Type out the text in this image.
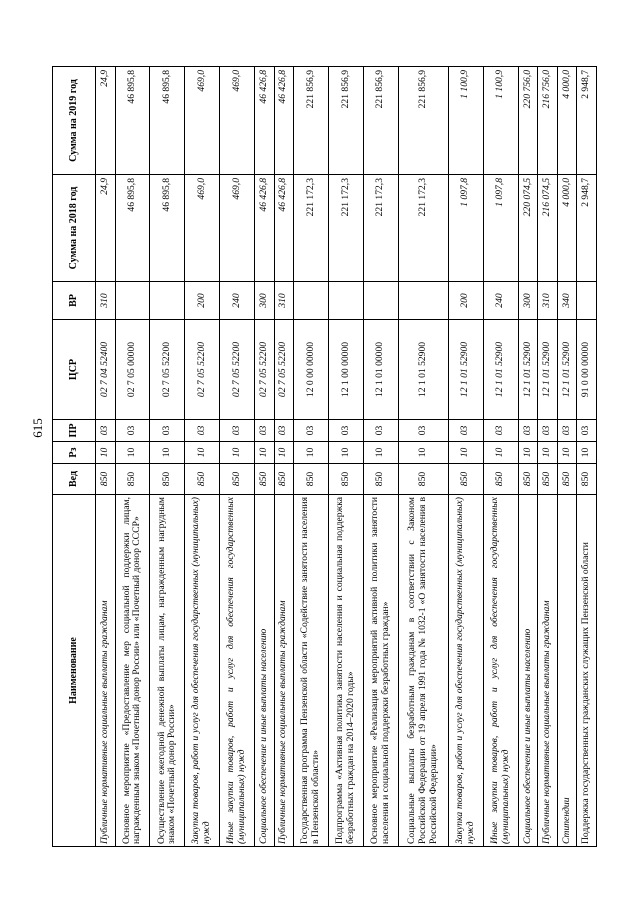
615
Наименование	Вед	Рз	ПР	ЦСР	ВР	Сумма на 2018 год	Сумма на 2019 год
Публичные нормативные социальные выплаты гражданам	850	10	03	02 7 04 52400	310	24,9	24,9
Основное мероприятие «Предоставление мер социальной поддержки лицам, награжденным знаком «Почетный донор России» или «Почетный донор СССР»	850	10	03	02 7 05 00000		46 895,8	46 895,8
Осуществление ежегодной денежной выплаты лицам, награжденным нагрудным знаком «Почетный донор России»	850	10	03	02 7 05 52200		46 895,8	46 895,8
Закупка товаров, работ и услуг для обеспечения государственных (муниципальных) нужд	850	10	03	02 7 05 52200	200	469,0	469,0
Иные закупки товаров, работ и услуг для обеспечения государственных (муниципальных) нужд	850	10	03	02 7 05 52200	240	469,0	469,0
Социальное обеспечение и иные выплаты населению	850	10	03	02 7 05 52200	300	46 426,8	46 426,8
Публичные нормативные социальные выплаты гражданам	850	10	03	02 7 05 52200	310	46 426,8	46 426,8
Государственная программа Пензенской области «Содействие занятости населения в Пензенской области»	850	10	03	12 0 00 00000		221 172,3	221 856,9
Подпрограмма «Активная политика занятости населения и социальная поддержка безработных граждан на 2014–2020 годы»	850	10	03	12 1 00 00000		221 172,3	221 856,9
Основное мероприятие «Реализация мероприятий активной политики занятости населения и социальной поддержки безработных граждан»	850	10	03	12 1 01 00000		221 172,3	221 856,9
Социальные выплаты безработным гражданам в соответствии с Законом Российской Федерации от 19 апреля 1991 года № 1032-1 «О занятости населения в Российской Федерации»	850	10	03	12 1 01 52900		221 172,3	221 856,9
Закупка товаров, работ и услуг для обеспечения государственных (муниципальных) нужд	850	10	03	12 1 01 52900	200	1 097,8	1 100,9
Иные закупки товаров, работ и услуг для обеспечения государственных (муниципальных) нужд	850	10	03	12 1 01 52900	240	1 097,8	1 100,9
Социальное обеспечение и иные выплаты населению	850	10	03	12 1 01 52900	300	220 074,5	220 756,0
Публичные нормативные социальные выплаты гражданам	850	10	03	12 1 01 52900	310	216 074,5	216 756,0
Стипендии	850	10	03	12 1 01 52900	340	4 000,0	4 000,0
Поддержка государственных гражданских служащих Пензенской области	850	10	03	91 0 00 00000		2 948,7	2 948,7
